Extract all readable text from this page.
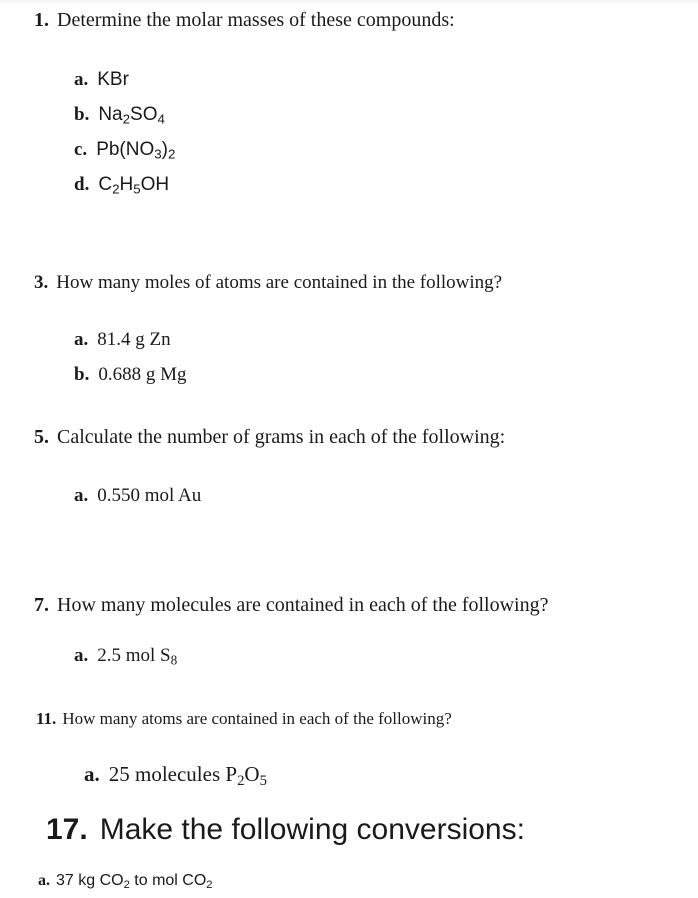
1. Determine the molar masses of these compounds:
a. KBr
b. $Na_2SO_4$
c. $Pb(NO_3)_2$
d. $C_2H_5OH$
3. How many moles of atoms are contained in the following?
a. 81.4 g Zn
b. 0.688 g Mg
5. Calculate the number of grams in each of the following:
a. 0.550 mol Au
7. How many molecules are contained in each of the following?
a. 2.5 mol $S_8$
11. How many atoms are contained in each of the following?
a. 25 molecules $P_2O_5$
17. Make the following conversions:
a. 37 kg $CO_2$ to mol $CO_2$
